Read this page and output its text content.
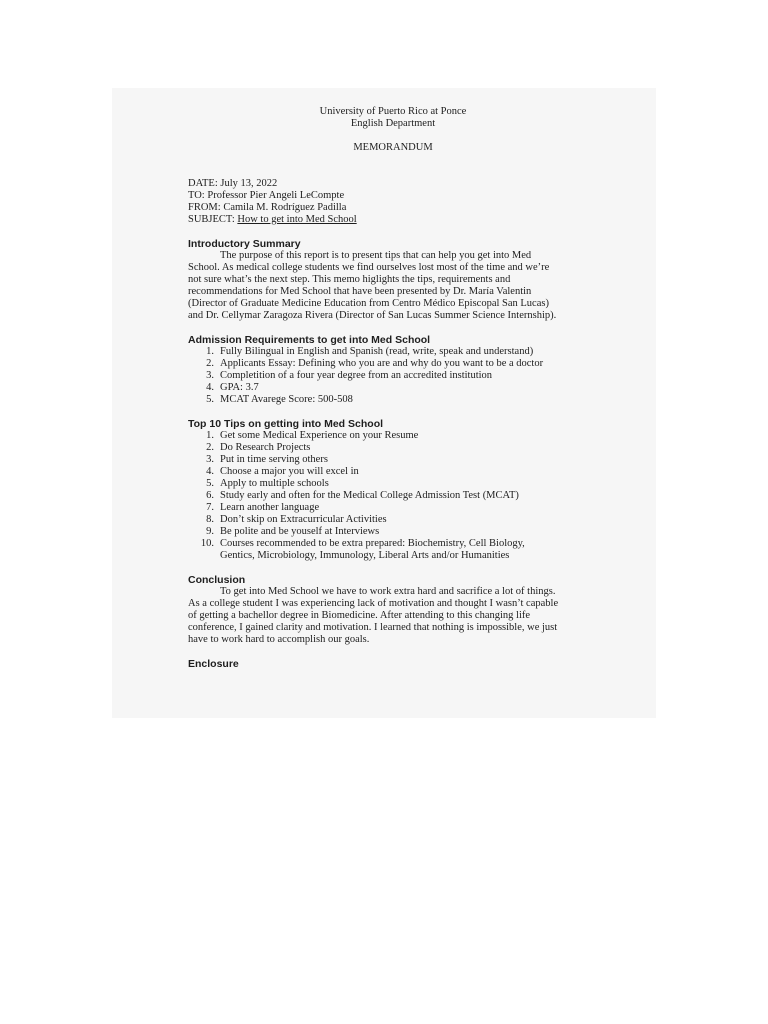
University of Puerto Rico at Ponce
English Department
MEMORANDUM
DATE: July 13, 2022
TO: Professor Pier Angeli LeCompte
FROM: Camila M. Rodríguez Padilla
SUBJECT: How to get into Med School
Introductory Summary
The purpose of this report is to present tips that can help you get into Med
School. As medical college students we find ourselves lost most of the time and we’re
not sure what’s the next step. This memo higlights the tips, requirements and
recommendations for Med School that have been presented by Dr. María Valentin
(Director of Graduate Medicine Education from Centro Médico Episcopal San Lucas)
and Dr. Cellymar Zaragoza Rivera (Director of San Lucas Summer Science Internship).
Admission Requirements to get into Med School
1. Fully Bilingual in English and Spanish (read, write, speak and understand)
2. Applicants Essay: Defining who you are and why do you want to be a doctor
3. Completition of a four year degree from an accredited institution
4. GPA: 3.7
5. MCAT Avarege Score: 500-508
Top 10 Tips on getting into Med School
1. Get some Medical Experience on your Resume
2. Do Research Projects
3. Put in time serving others
4. Choose a major you will excel in
5. Apply to multiple schools
6. Study early and often for the Medical College Admission Test (MCAT)
7. Learn another language
8. Don’t skip on Extracurricular Activities
9. Be polite and be youself at Interviews
10. Courses recommended to be extra prepared: Biochemistry, Cell Biology,
Gentics, Microbiology, Immunology, Liberal Arts and/or Humanities
Conclusion
To get into Med School we have to work extra hard and sacrifice a lot of things.
As a college student I was experiencing lack of motivation and thought I wasn’t capable
of getting a bachellor degree in Biomedicine. After attending to this changing life
conference, I gained clarity and motivation. I learned that nothing is impossible, we just
have to work hard to accomplish our goals.
Enclosure
